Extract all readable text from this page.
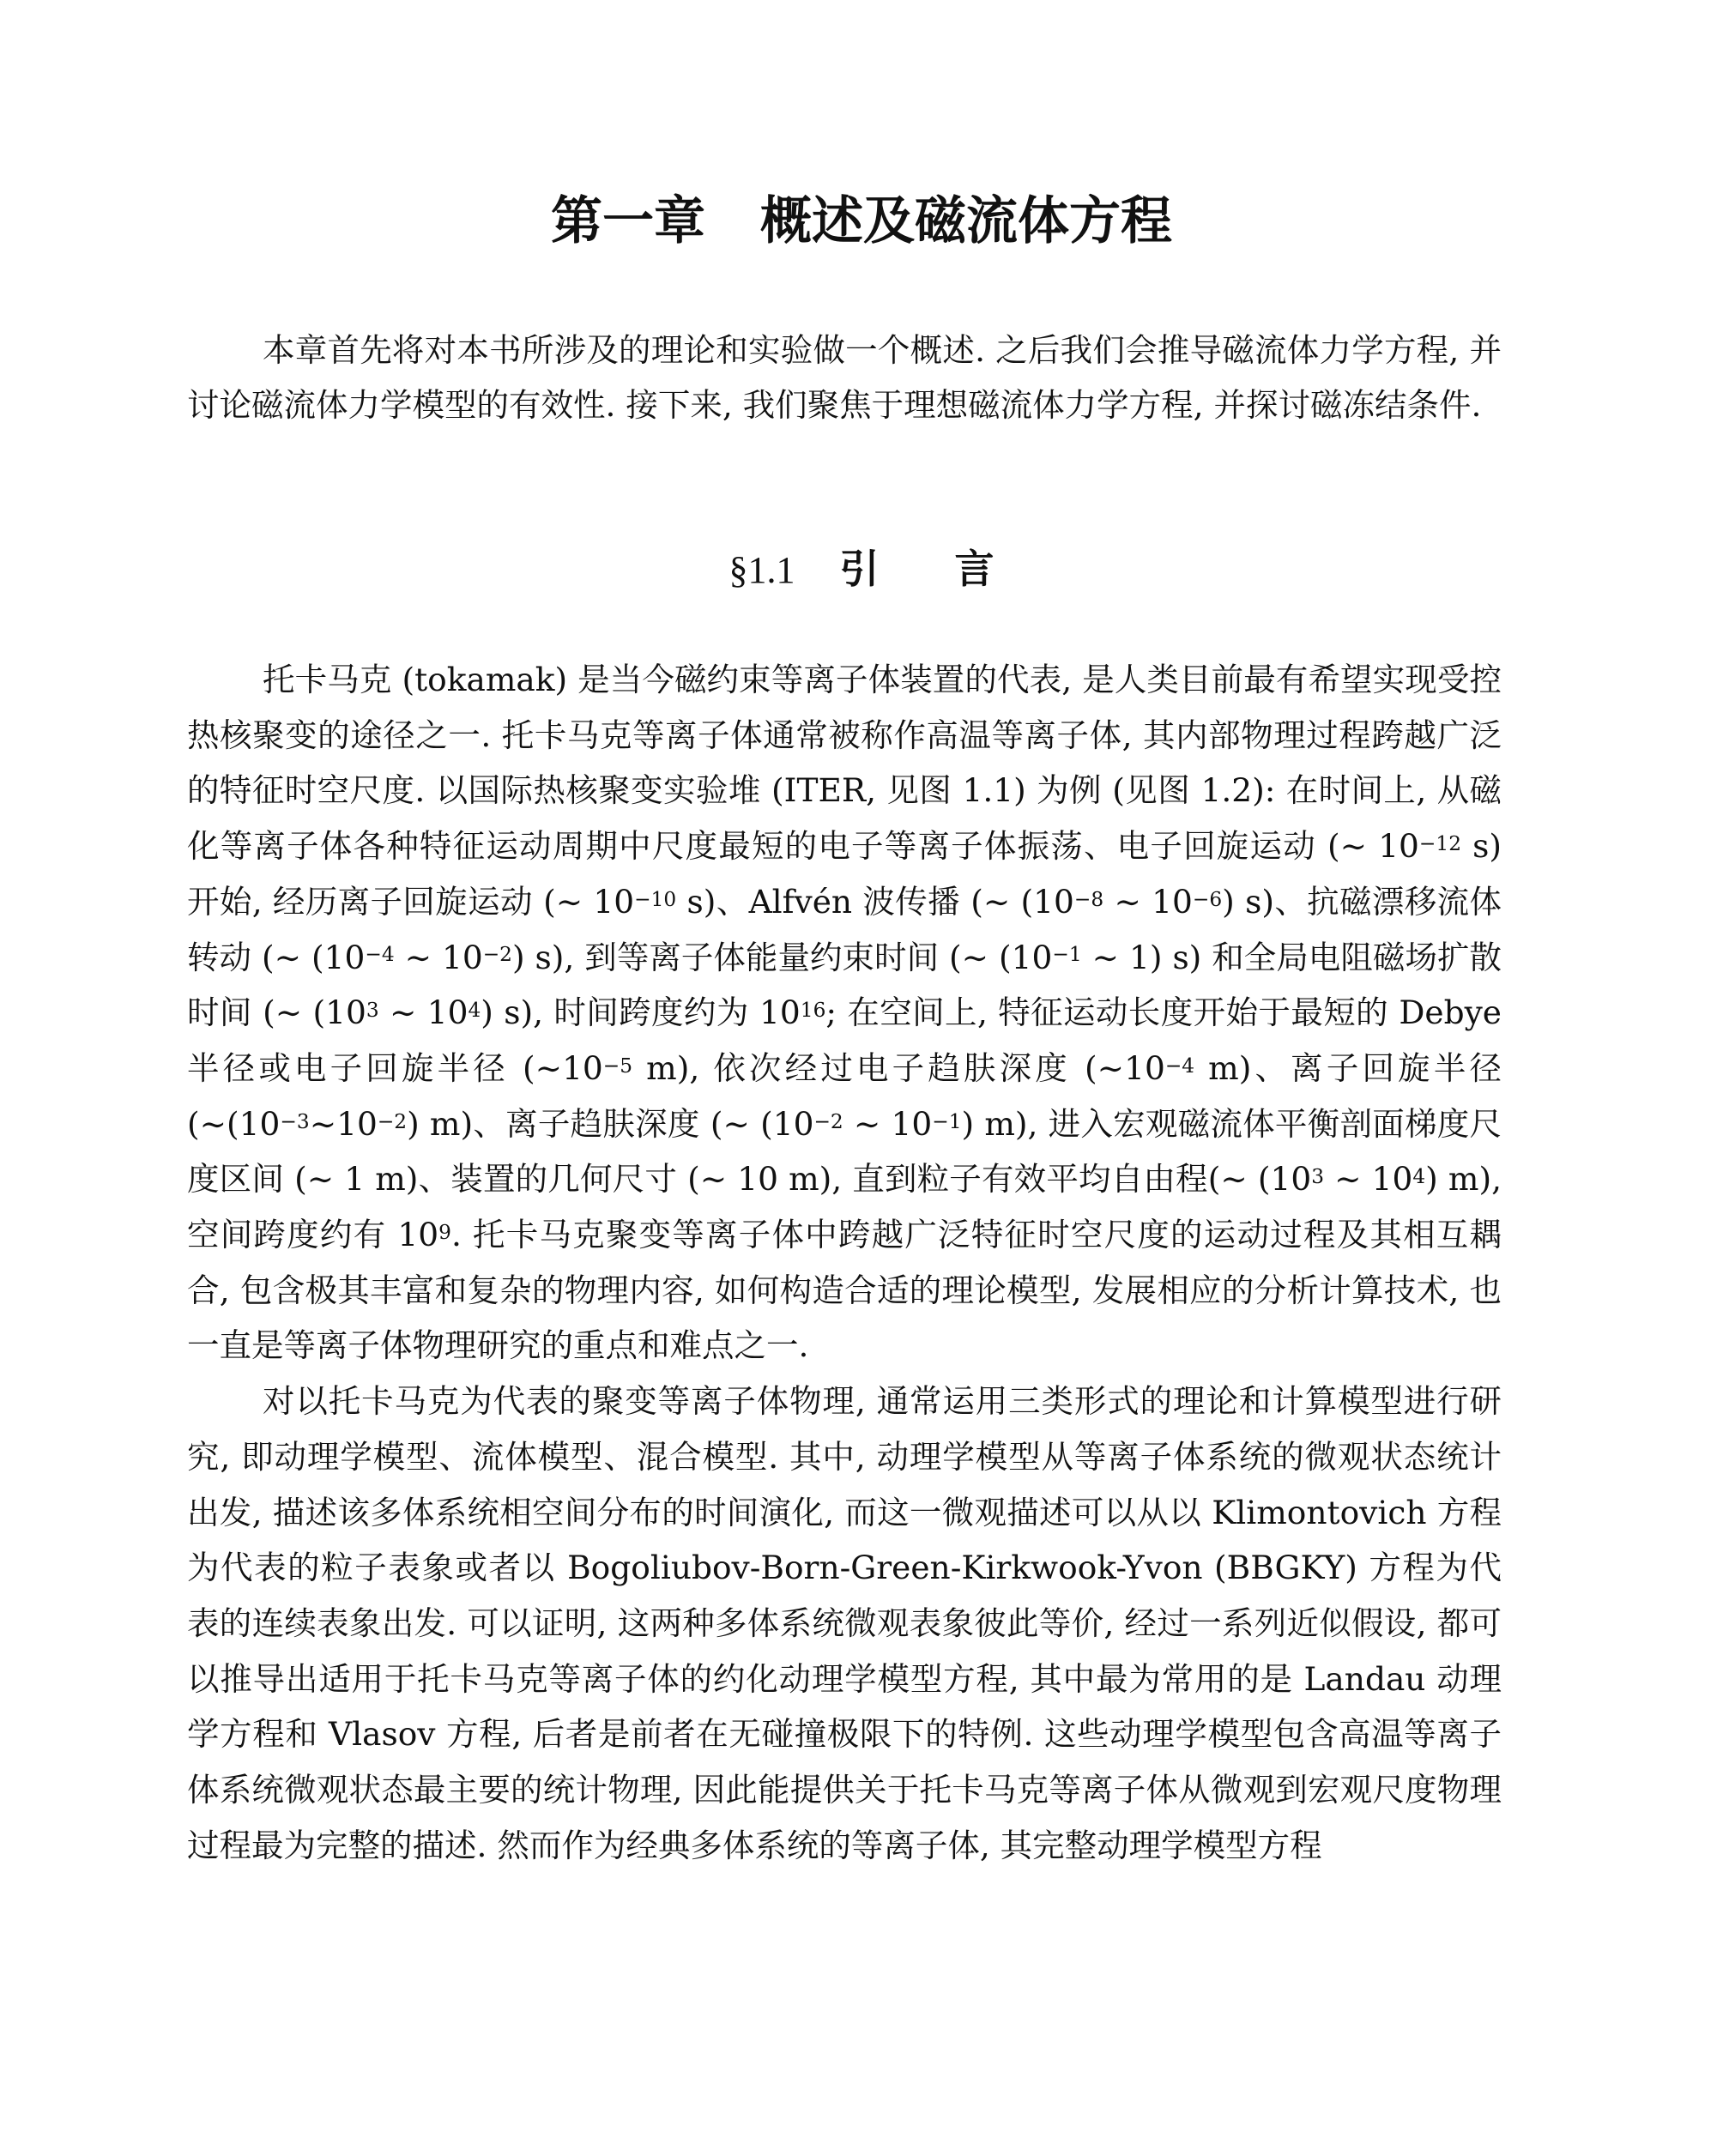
第一章 概述及磁流体方程

本章首先将对本书所涉及的理论和实验做一个概述. 之后我们会推导磁流体力学方程, 并讨论磁流体力学模型的有效性. 接下来, 我们聚焦于理想磁流体力学方程, 并探讨磁冻结条件.

§1.1 引 言

托卡马克 (tokamak) 是当今磁约束等离子体装置的代表, 是人类目前最有希望实现受控热核聚变的途径之一. 托卡马克等离子体通常被称作高温等离子体, 其内部物理过程跨越广泛的特征时空尺度. 以国际热核聚变实验堆 (ITER, 见图 1.1) 为例 (见图 1.2): 在时间上, 从磁化等离子体各种特征运动周期中尺度最短的电子等离子体振荡、电子回旋运动 (∼ $10^{-12}$ s) 开始, 经历离子回旋运动 (∼ $10^{-10}$ s)、Alfvén 波传播 (∼ ($10^{-8}$ ∼ $10^{-6}$) s)、抗磁漂移流体转动 (∼ ($10^{-4}$ ∼ $10^{-2}$) s), 到等离子体能量约束时间 (∼ ($10^{-1}$ ∼ 1) s) 和全局电阻磁场扩散时间 (∼ ($10^3$ ∼ $10^4$) s), 时间跨度约为 $10^{16}$; 在空间上, 特征运动长度开始于最短的 Debye 半径或电子回旋半径 ($\sim 10^{-5}$ m), 依次经过电子趋肤深度 ($\sim 10^{-4}$ m)、离子回旋半径 ($\sim(10^{-3}\sim 10^{-2})$ m)、离子趋肤深度 (∼ ($10^{-2}$ ∼ $10^{-1}$) m), 进入宏观磁流体平衡剖面梯度尺度区间 (∼ 1 m)、装置的几何尺寸 (∼ 10 m), 直到粒子有效平均自由程(∼ ($10^3$ ∼ $10^4$) m), 空间跨度约有 $10^9$. 托卡马克聚变等离子体中跨越广泛特征时空尺度的运动过程及其相互耦合, 包含极其丰富和复杂的物理内容, 如何构造合适的理论模型, 发展相应的分析计算技术, 也一直是等离子体物理研究的重点和难点之一.

对以托卡马克为代表的聚变等离子体物理, 通常运用三类形式的理论和计算模型进行研究, 即动理学模型、流体模型、混合模型. 其中, 动理学模型从等离子体系统的微观状态统计出发, 描述该多体系统相空间分布的时间演化, 而这一微观描述可以从以 Klimontovich 方程为代表的粒子表象或者以 Bogoliubov-Born-Green-Kirkwook-Yvon (BBGKY) 方程为代表的连续表象出发. 可以证明, 这两种多体系统微观表象彼此等价, 经过一系列近似假设, 都可以推导出适用于托卡马克等离子体的约化动理学模型方程, 其中最为常用的是 Landau 动理学方程和 Vlasov 方程, 后者是前者在无碰撞极限下的特例. 这些动理学模型包含高温等离子体系统微观状态最主要的统计物理, 因此能提供关于托卡马克等离子体从微观到宏观尺度物理过程最为完整的描述. 然而作为经典多体系统的等离子体, 其完整动理学模型方程
